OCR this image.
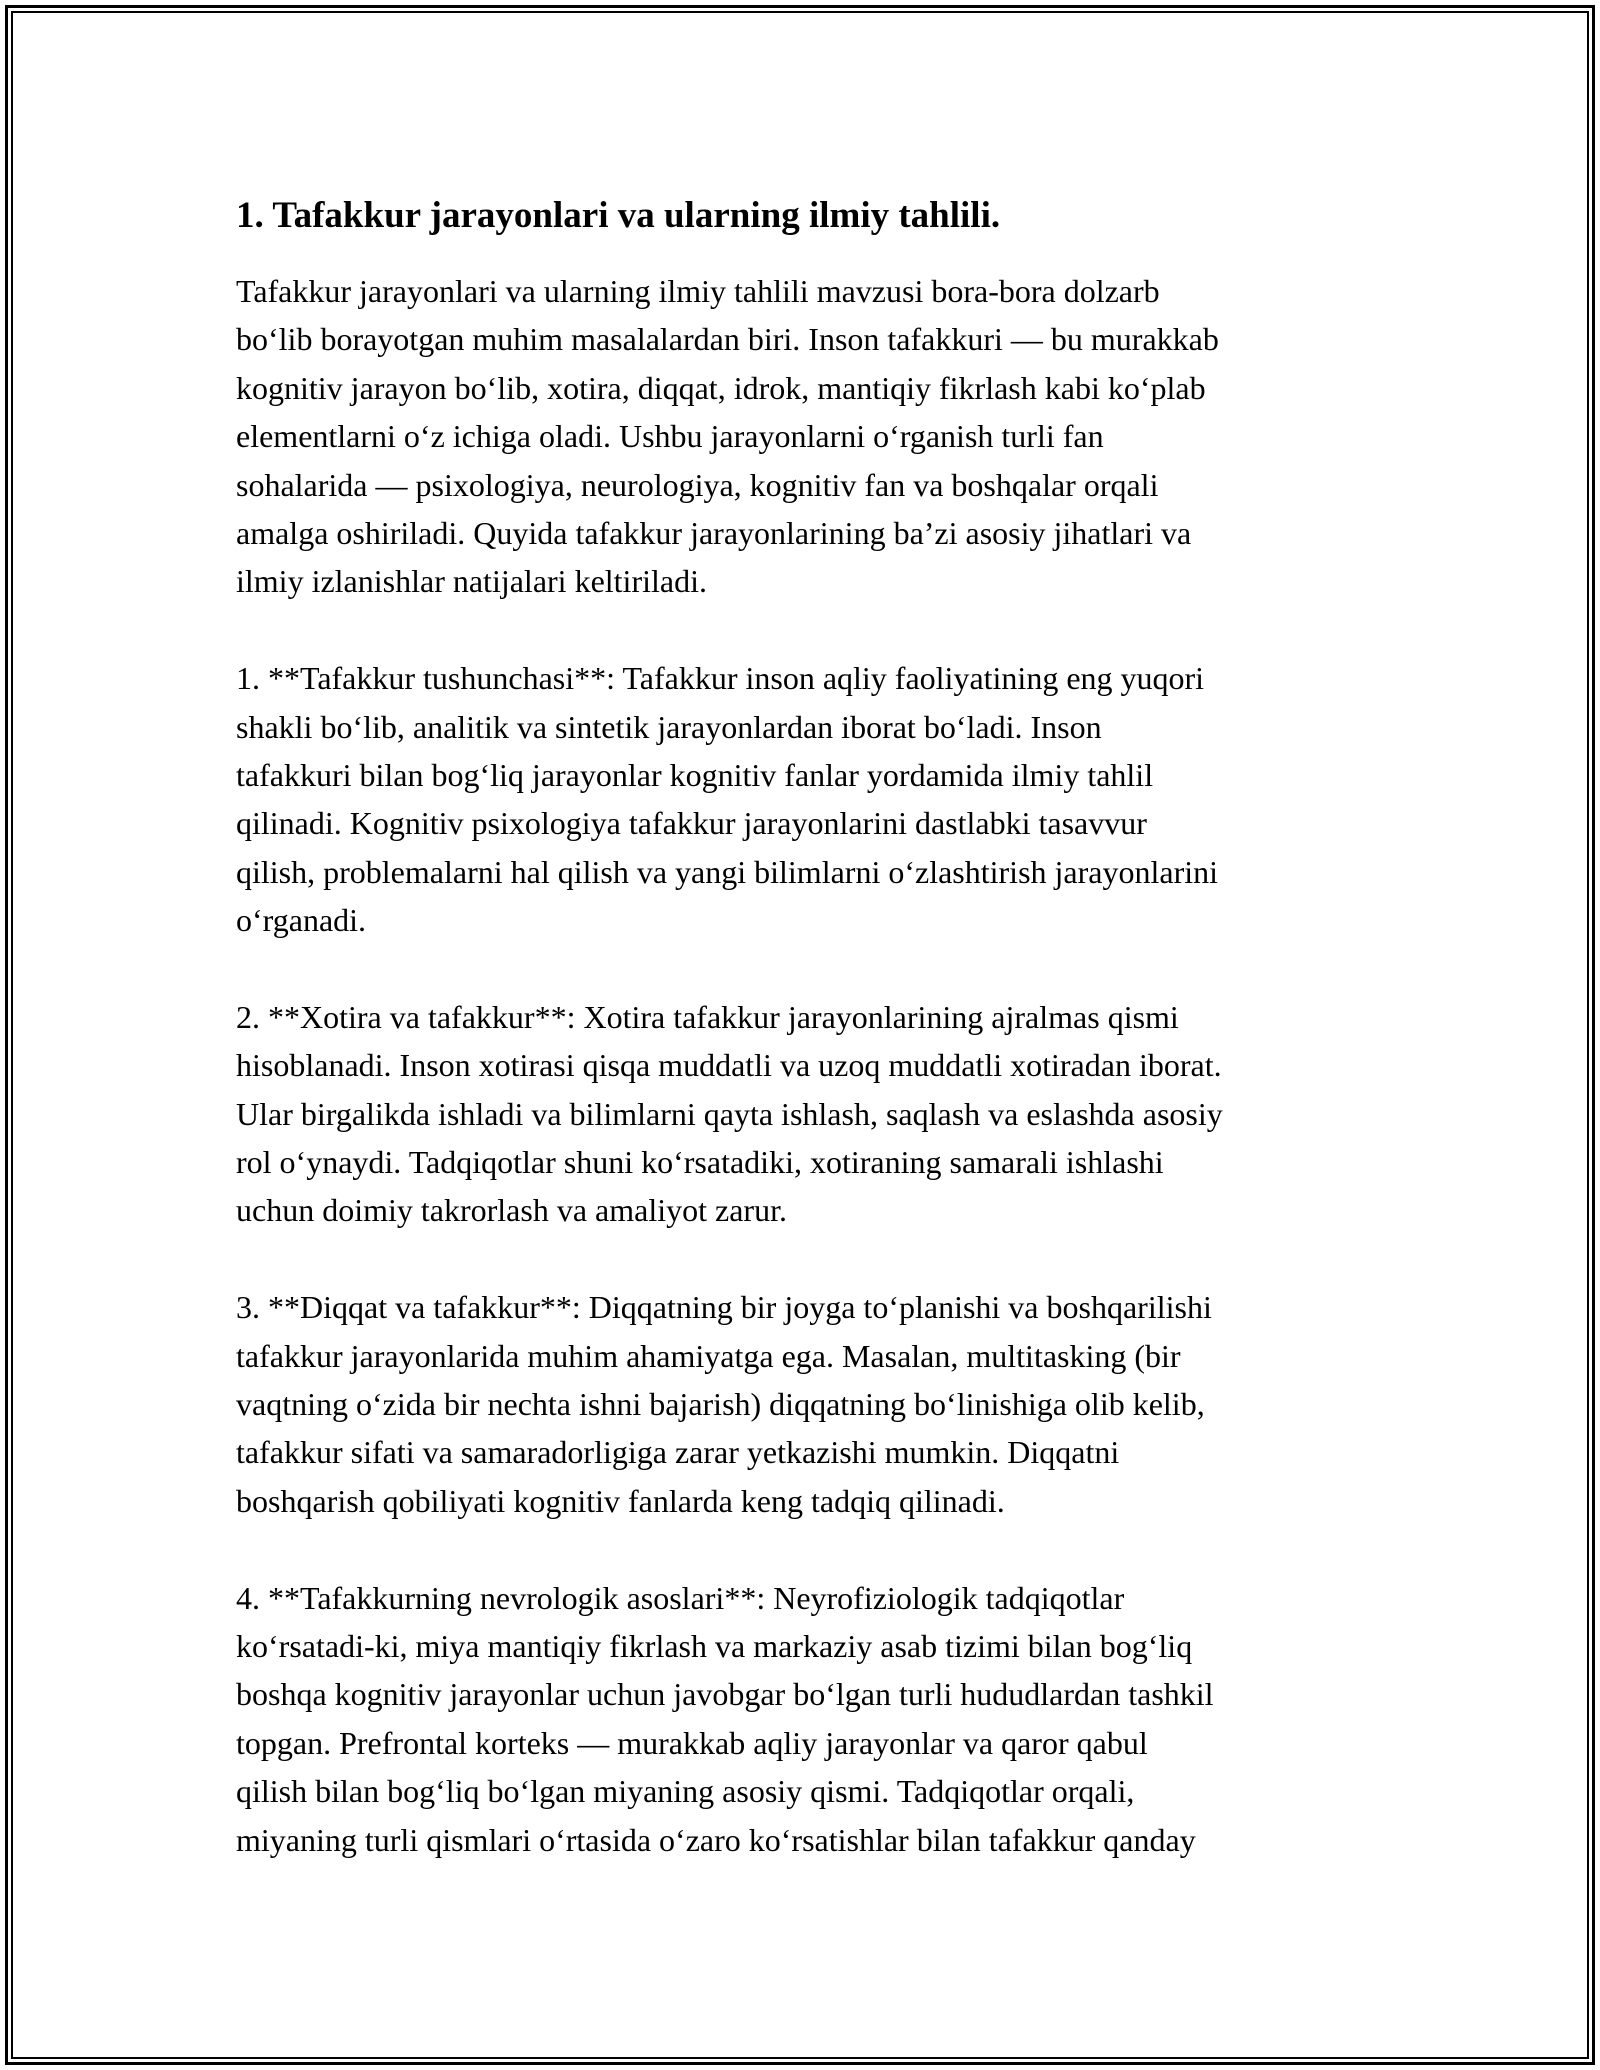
1. Tafakkur jarayonlari va ularning ilmiy tahlili.
Tafakkur jarayonlari va ularning ilmiy tahlili mavzusi bora-bora dolzarb
bo‘lib borayotgan muhim masalalardan biri. Inson tafakkuri — bu murakkab
kognitiv jarayon bo‘lib, xotira, diqqat, idrok, mantiqiy fikrlash kabi ko‘plab
elementlarni o‘z ichiga oladi. Ushbu jarayonlarni o‘rganish turli fan
sohalarida — psixologiya, neurologiya, kognitiv fan va boshqalar orqali
amalga oshiriladi. Quyida tafakkur jarayonlarining ba’zi asosiy jihatlari va
ilmiy izlanishlar natijalari keltiriladi.
1. **Tafakkur tushunchasi**: Tafakkur inson aqliy faoliyatining eng yuqori
shakli bo‘lib, analitik va sintetik jarayonlardan iborat bo‘ladi. Inson
tafakkuri bilan bog‘liq jarayonlar kognitiv fanlar yordamida ilmiy tahlil
qilinadi. Kognitiv psixologiya tafakkur jarayonlarini dastlabki tasavvur
qilish, problemalarni hal qilish va yangi bilimlarni o‘zlashtirish jarayonlarini
o‘rganadi.
2. **Xotira va tafakkur**: Xotira tafakkur jarayonlarining ajralmas qismi
hisoblanadi. Inson xotirasi qisqa muddatli va uzoq muddatli xotiradan iborat.
Ular birgalikda ishladi va bilimlarni qayta ishlash, saqlash va eslashda asosiy
rol o‘ynaydi. Tadqiqotlar shuni ko‘rsatadiki, xotiraning samarali ishlashi
uchun doimiy takrorlash va amaliyot zarur.
3. **Diqqat va tafakkur**: Diqqatning bir joyga to‘planishi va boshqarilishi
tafakkur jarayonlarida muhim ahamiyatga ega. Masalan, multitasking (bir
vaqtning o‘zida bir nechta ishni bajarish) diqqatning bo‘linishiga olib kelib,
tafakkur sifati va samaradorligiga zarar yetkazishi mumkin. Diqqatni
boshqarish qobiliyati kognitiv fanlarda keng tadqiq qilinadi.
4. **Tafakkurning nevrologik asoslari**: Neyrofiziologik tadqiqotlar
ko‘rsatadi-ki, miya mantiqiy fikrlash va markaziy asab tizimi bilan bog‘liq
boshqa kognitiv jarayonlar uchun javobgar bo‘lgan turli hududlardan tashkil
topgan. Prefrontal korteks — murakkab aqliy jarayonlar va qaror qabul
qilish bilan bog‘liq bo‘lgan miyaning asosiy qismi. Tadqiqotlar orqali,
miyaning turli qismlari o‘rtasida o‘zaro ko‘rsatishlar bilan tafakkur qanday
